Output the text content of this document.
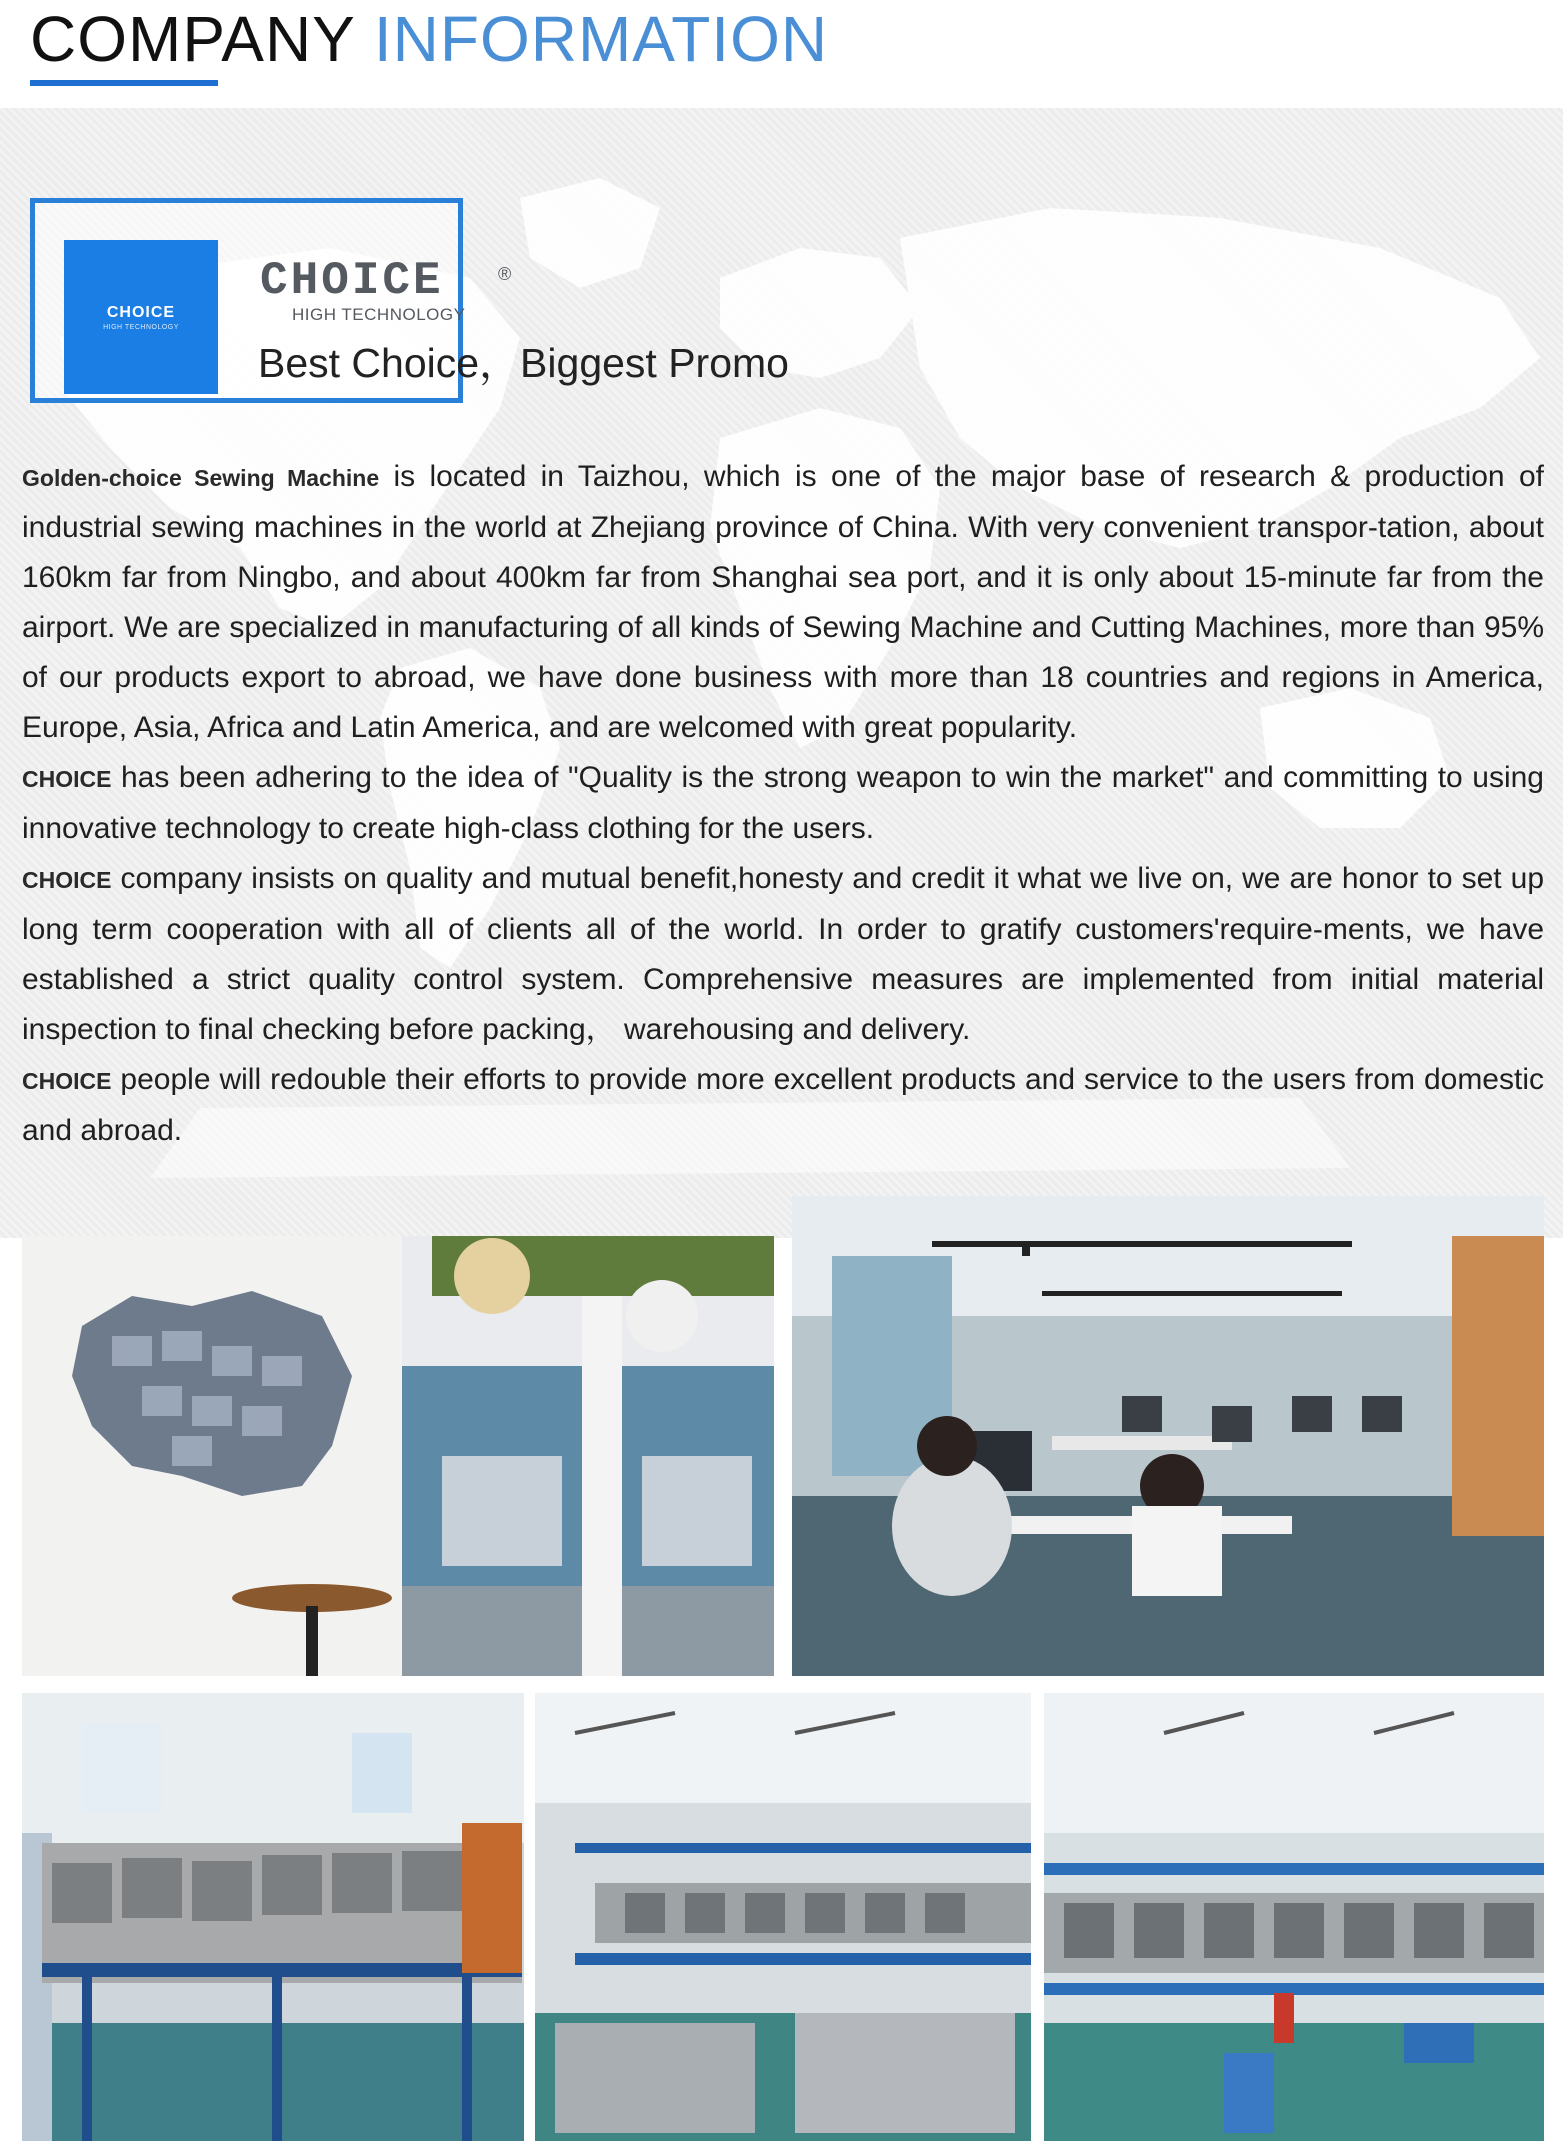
COMPANY INFORMATION
CHOICE
HIGH TECHNOLOGY
CHOICE	®
HIGH TECHNOLOGY
Best Choice，Biggest Promo

Golden-choice Sewing Machine is located in Taizhou, which is one of the major base of research & production of industrial sewing machines in the world at Zhejiang province of China. With very convenient transpor-tation, about 160km far from Ningbo, and about 400km far from Shanghai sea port, and it is only about 15-minute far from the airport. We are specialized in manufacturing of all kinds of Sewing Machine and Cutting Machines, more than 95% of our products export to abroad, we have done business with more than 18 countries and regions in America, Europe, Asia, Africa and Latin America, and are welcomed with great popularity.

CHOICE has been adhering to the idea of "Quality is the strong weapon to win the market" and committing to using innovative technology to create high-class clothing for the users.

CHOICE company insists on quality and mutual benefit,honesty and credit it what we live on, we are honor to set up long term cooperation with all of clients all of the world. In order to gratify customers'require-ments, we have established a strict quality control system. Comprehensive measures are implemented from initial material inspection to final checking before packing， warehousing and delivery.

CHOICE people will redouble their efforts to provide more excellent products and service to the users from domestic and abroad.
